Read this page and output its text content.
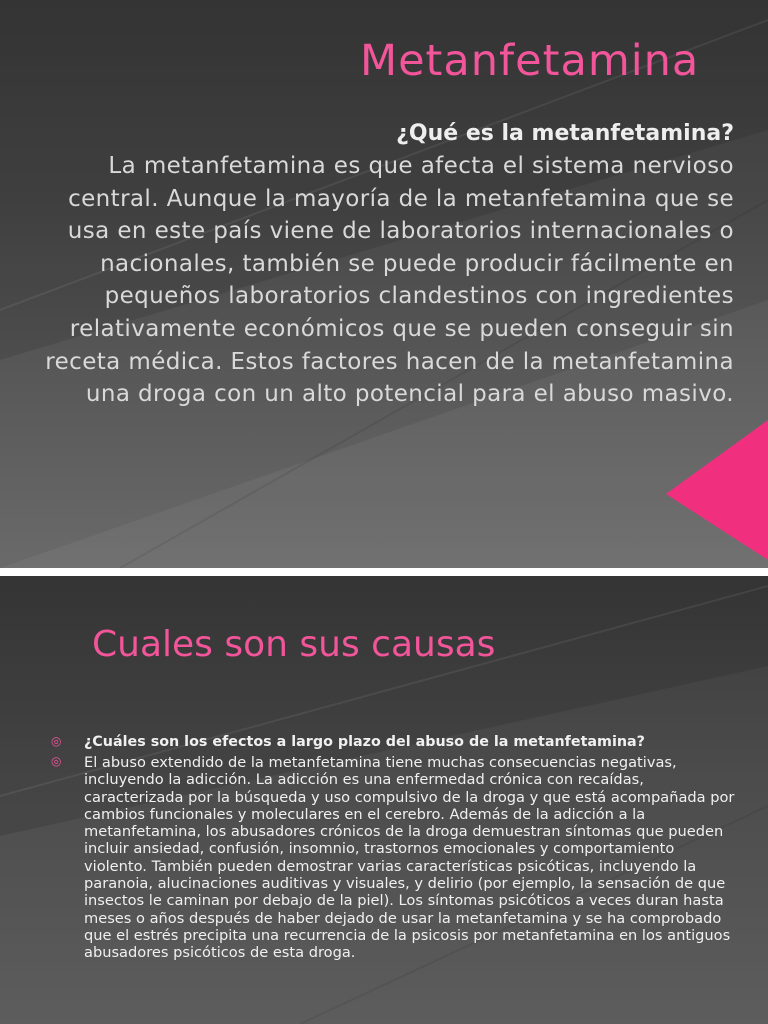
Metanfetamina

¿Qué es la metanfetamina?

La metanfetamina es que afecta el sistema nervioso central. Aunque la mayoría de la metanfetamina que se usa en este país viene de laboratorios internacionales o nacionales, también se puede producir fácilmente en pequeños laboratorios clandestinos con ingredientes relativamente económicos que se pueden conseguir sin receta médica. Estos factores hacen de la metanfetamina una droga con un alto potencial para el abuso masivo.

Cuales son sus causas
◎ ¿Cuáles son los efectos a largo plazo del abuso de la metanfetamina?
◎ El abuso extendido de la metanfetamina tiene muchas consecuencias negativas, incluyendo la adicción. La adicción es una enfermedad crónica con recaídas, caracterizada por la búsqueda y uso compulsivo de la droga y que está acompañada por cambios funcionales y moleculares en el cerebro. Además de la adicción a la metanfetamina, los abusadores crónicos de la droga demuestran síntomas que pueden incluir ansiedad, confusión, insomnio, trastornos emocionales y comportamiento violento. También pueden demostrar varias características psicóticas, incluyendo la paranoia, alucinaciones auditivas y visuales, y delirio (por ejemplo, la sensación de que insectos le caminan por debajo de la piel). Los síntomas psicóticos a veces duran hasta meses o años después de haber dejado de usar la metanfetamina y se ha comprobado que el estrés precipita una recurrencia de la psicosis por metanfetamina en los antiguos abusadores psicóticos de esta droga.
